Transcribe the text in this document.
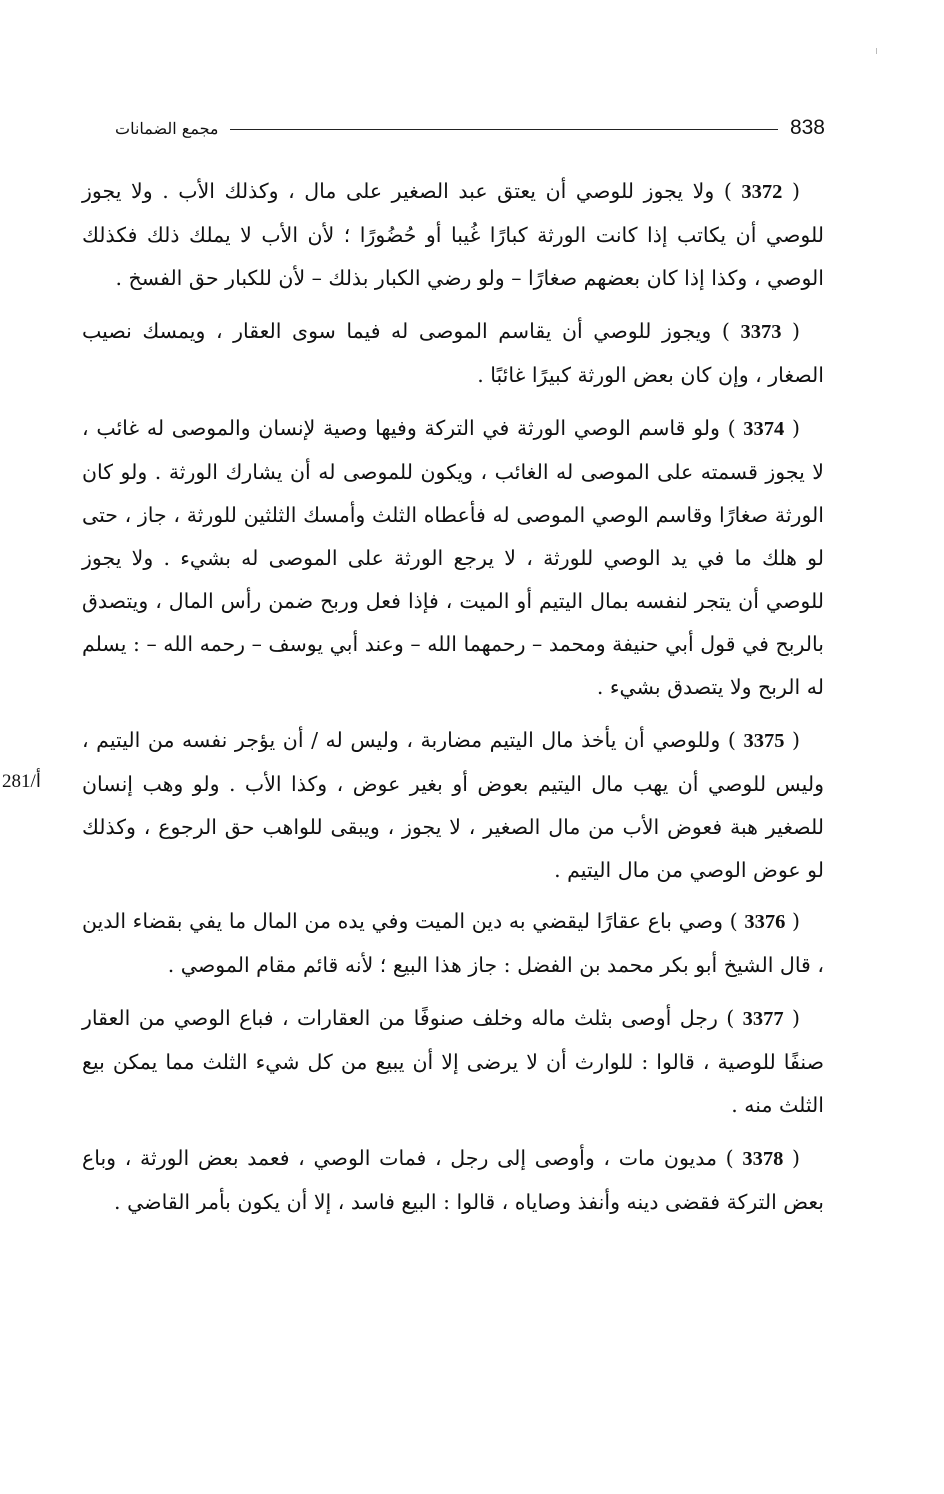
مجمع الضمانات	838
281/أ

( 3372 ) ولا يجوز للوصي أن يعتق عبد الصغير على مال ، وكذلك الأب . ولا يجوز للوصي أن يكاتب إذا كانت الورثة كبارًا غُيبا أو حُضُورًا ؛ لأن الأب لا يملك ذلك فكذلك الوصي ، وكذا إذا كان بعضهم صغارًا – ولو رضي الكبار بذلك – لأن للكبار حق الفسخ .

( 3373 ) ويجوز للوصي أن يقاسم الموصى له فيما سوى العقار ، ويمسك نصيب الصغار ، وإن كان بعض الورثة كبيرًا غائبًا .

( 3374 ) ولو قاسم الوصي الورثة في التركة وفيها وصية لإنسان والموصى له غائب ، لا يجوز قسمته على الموصى له الغائب ، ويكون للموصى له أن يشارك الورثة . ولو كان الورثة صغارًا وقاسم الوصي الموصى له فأعطاه الثلث وأمسك الثلثين للورثة ، جاز ، حتى لو هلك ما في يد الوصي للورثة ، لا يرجع الورثة على الموصى له بشيء . ولا يجوز للوصي أن يتجر لنفسه بمال اليتيم أو الميت ، فإذا فعل وربح ضمن رأس المال ، ويتصدق بالربح في قول أبي حنيفة ومحمد – رحمهما الله – وعند أبي يوسف – رحمه الله – : يسلم له الربح ولا يتصدق بشيء .

( 3375 ) وللوصي أن يأخذ مال اليتيم مضاربة ، وليس له / أن يؤجر نفسه من اليتيم ، وليس للوصي أن يهب مال اليتيم بعوض أو بغير عوض ، وكذا الأب . ولو وهب إنسان للصغير هبة فعوض الأب من مال الصغير ، لا يجوز ، ويبقى للواهب حق الرجوع ، وكذلك لو عوض الوصي من مال اليتيم .

( 3376 ) وصي باع عقارًا ليقضي به دين الميت وفي يده من المال ما يفي بقضاء الدين ، قال الشيخ أبو بكر محمد بن الفضل : جاز هذا البيع ؛ لأنه قائم مقام الموصي .

( 3377 ) رجل أوصى بثلث ماله وخلف صنوفًا من العقارات ، فباع الوصي من العقار صنفًا للوصية ، قالوا : للوارث أن لا يرضى إلا أن يبيع من كل شيء الثلث مما يمكن بيع الثلث منه .

( 3378 ) مديون مات ، وأوصى إلى رجل ، فمات الوصي ، فعمد بعض الورثة ، وباع بعض التركة فقضى دينه وأنفذ وصاياه ، قالوا : البيع فاسد ، إلا أن يكون بأمر القاضي .
